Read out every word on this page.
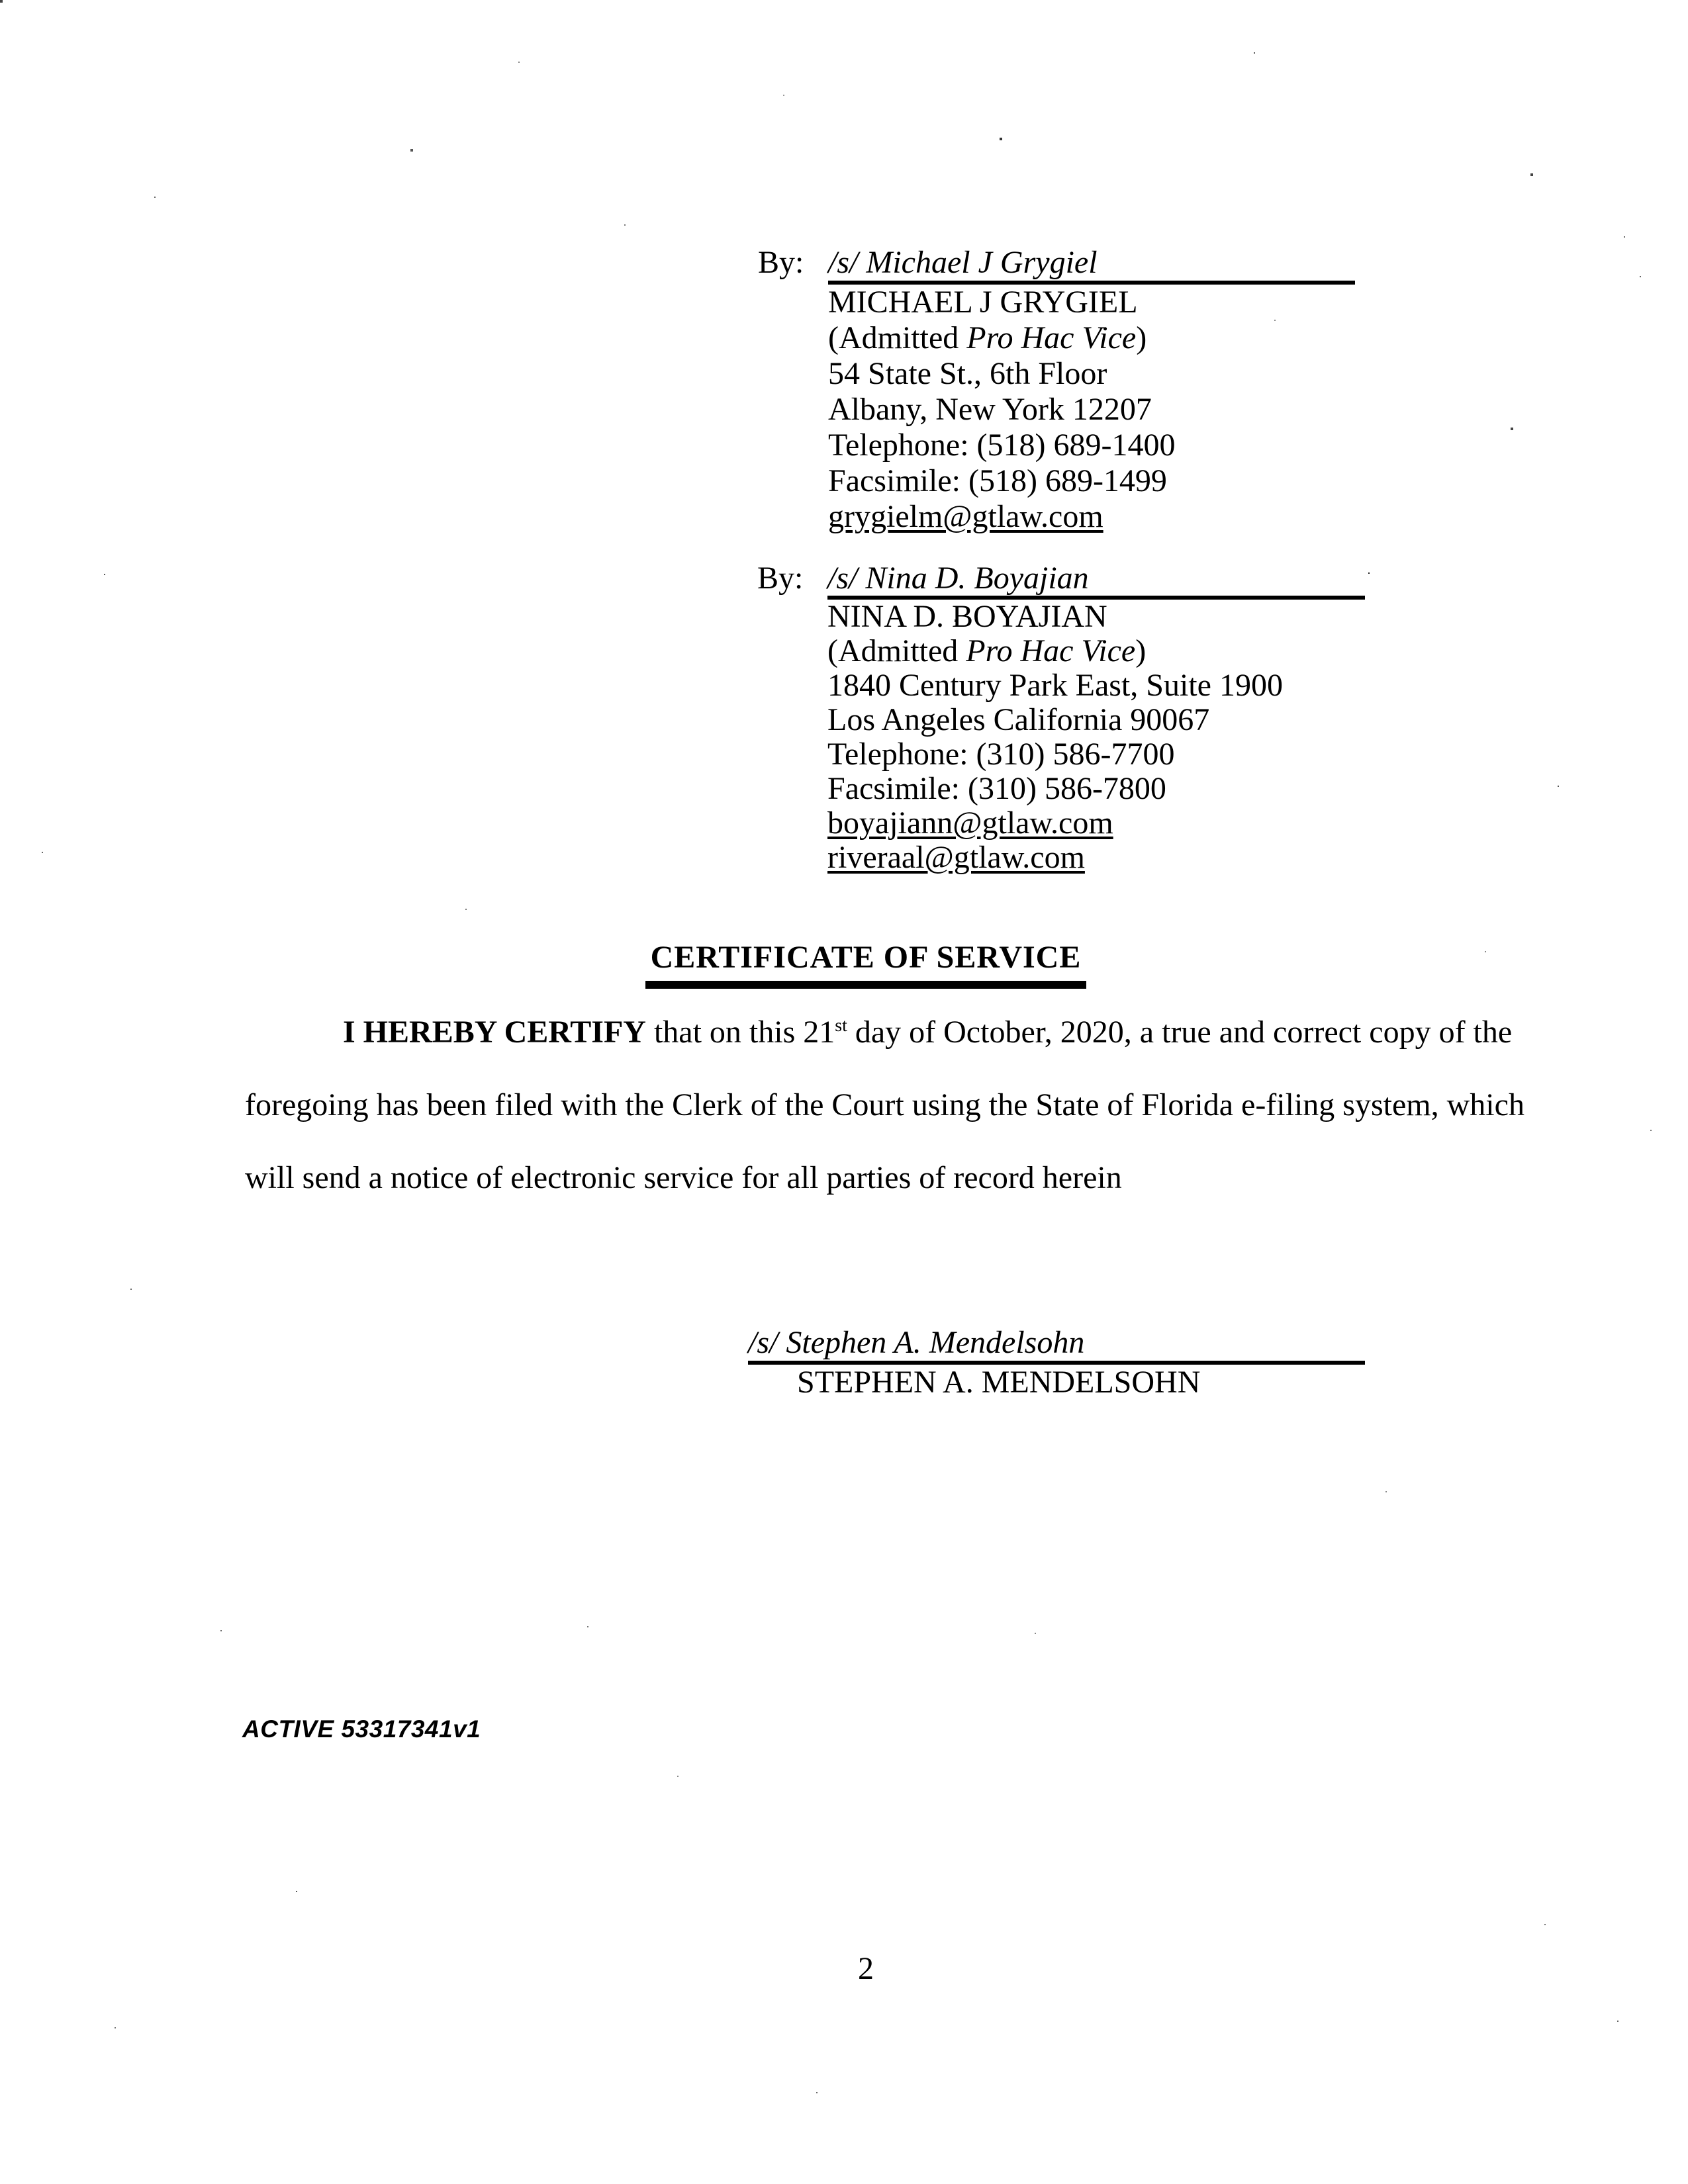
By: /s/ Michael J Grygiel
MICHAEL J GRYGIEL
(Admitted Pro Hac Vice)
54 State St., 6th Floor
Albany, New York 12207
Telephone: (518) 689-1400
Facsimile: (518) 689-1499
grygielm@gtlaw.com
By: /s/ Nina D. Boyajian
NINA D. BOYAJIAN
(Admitted Pro Hac Vice)
1840 Century Park East, Suite 1900
Los Angeles California 90067
Telephone: (310) 586-7700
Facsimile: (310) 586-7800
boyajiann@gtlaw.com
riveraal@gtlaw.com
CERTIFICATE OF SERVICE
I HEREBY CERTIFY that on this 21st day of October, 2020, a true and correct copy of the
foregoing has been filed with the Clerk of the Court using the State of Florida e-filing system, which
will send a notice of electronic service for all parties of record herein
/s/ Stephen A. Mendelsohn
STEPHEN A. MENDELSOHN
ACTIVE 53317341v1
2
